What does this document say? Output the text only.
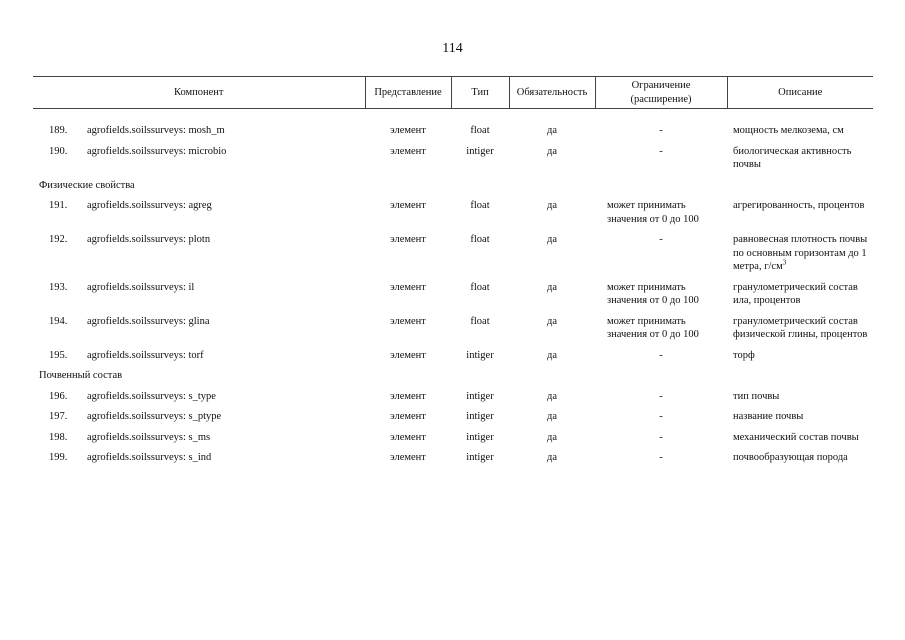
114
Компонент		Представление	Тип	Обязательность	Ограничение
(расширение)	Описание
189.	agrofields.soilssurveys: mosh_m	элемент	float	да	-	мощность мелкозема, см
190.	agrofields.soilssurveys: microbio	элемент	intiger	да	-	биологическая активность почвы
Физические свойства						
191.	agrofields.soilssurveys: agreg	элемент	float	да	может принимать значения от 0 до 100	агрегированность, процентов
192.	agrofields.soilssurveys: plotn	элемент	float	да	-	равновесная плотность почвы по основным горизонтам до 1 метра, $г/см^3$
193.	agrofields.soilssurveys: il	элемент	float	да	может принимать значения от 0 до 100	гранулометрический состав ила, процентов
194.	agrofields.soilssurveys: glina	элемент	float	да	может принимать значения от 0 до 100	гранулометрический состав физической глины, процентов
195.	agrofields.soilssurveys: torf	элемент	intiger	да	-	торф
Почвенный состав						
196.	agrofields.soilssurveys: s_type	элемент	intiger	да	-	тип почвы
197.	agrofields.soilssurveys: s_ptype	элемент	intiger	да	-	название почвы
198.	agrofields.soilssurveys: s_ms	элемент	intiger	да	-	механический состав почвы
199.	agrofields.soilssurveys: s_ind	элемент	intiger	да	-	почвообразующая порода
